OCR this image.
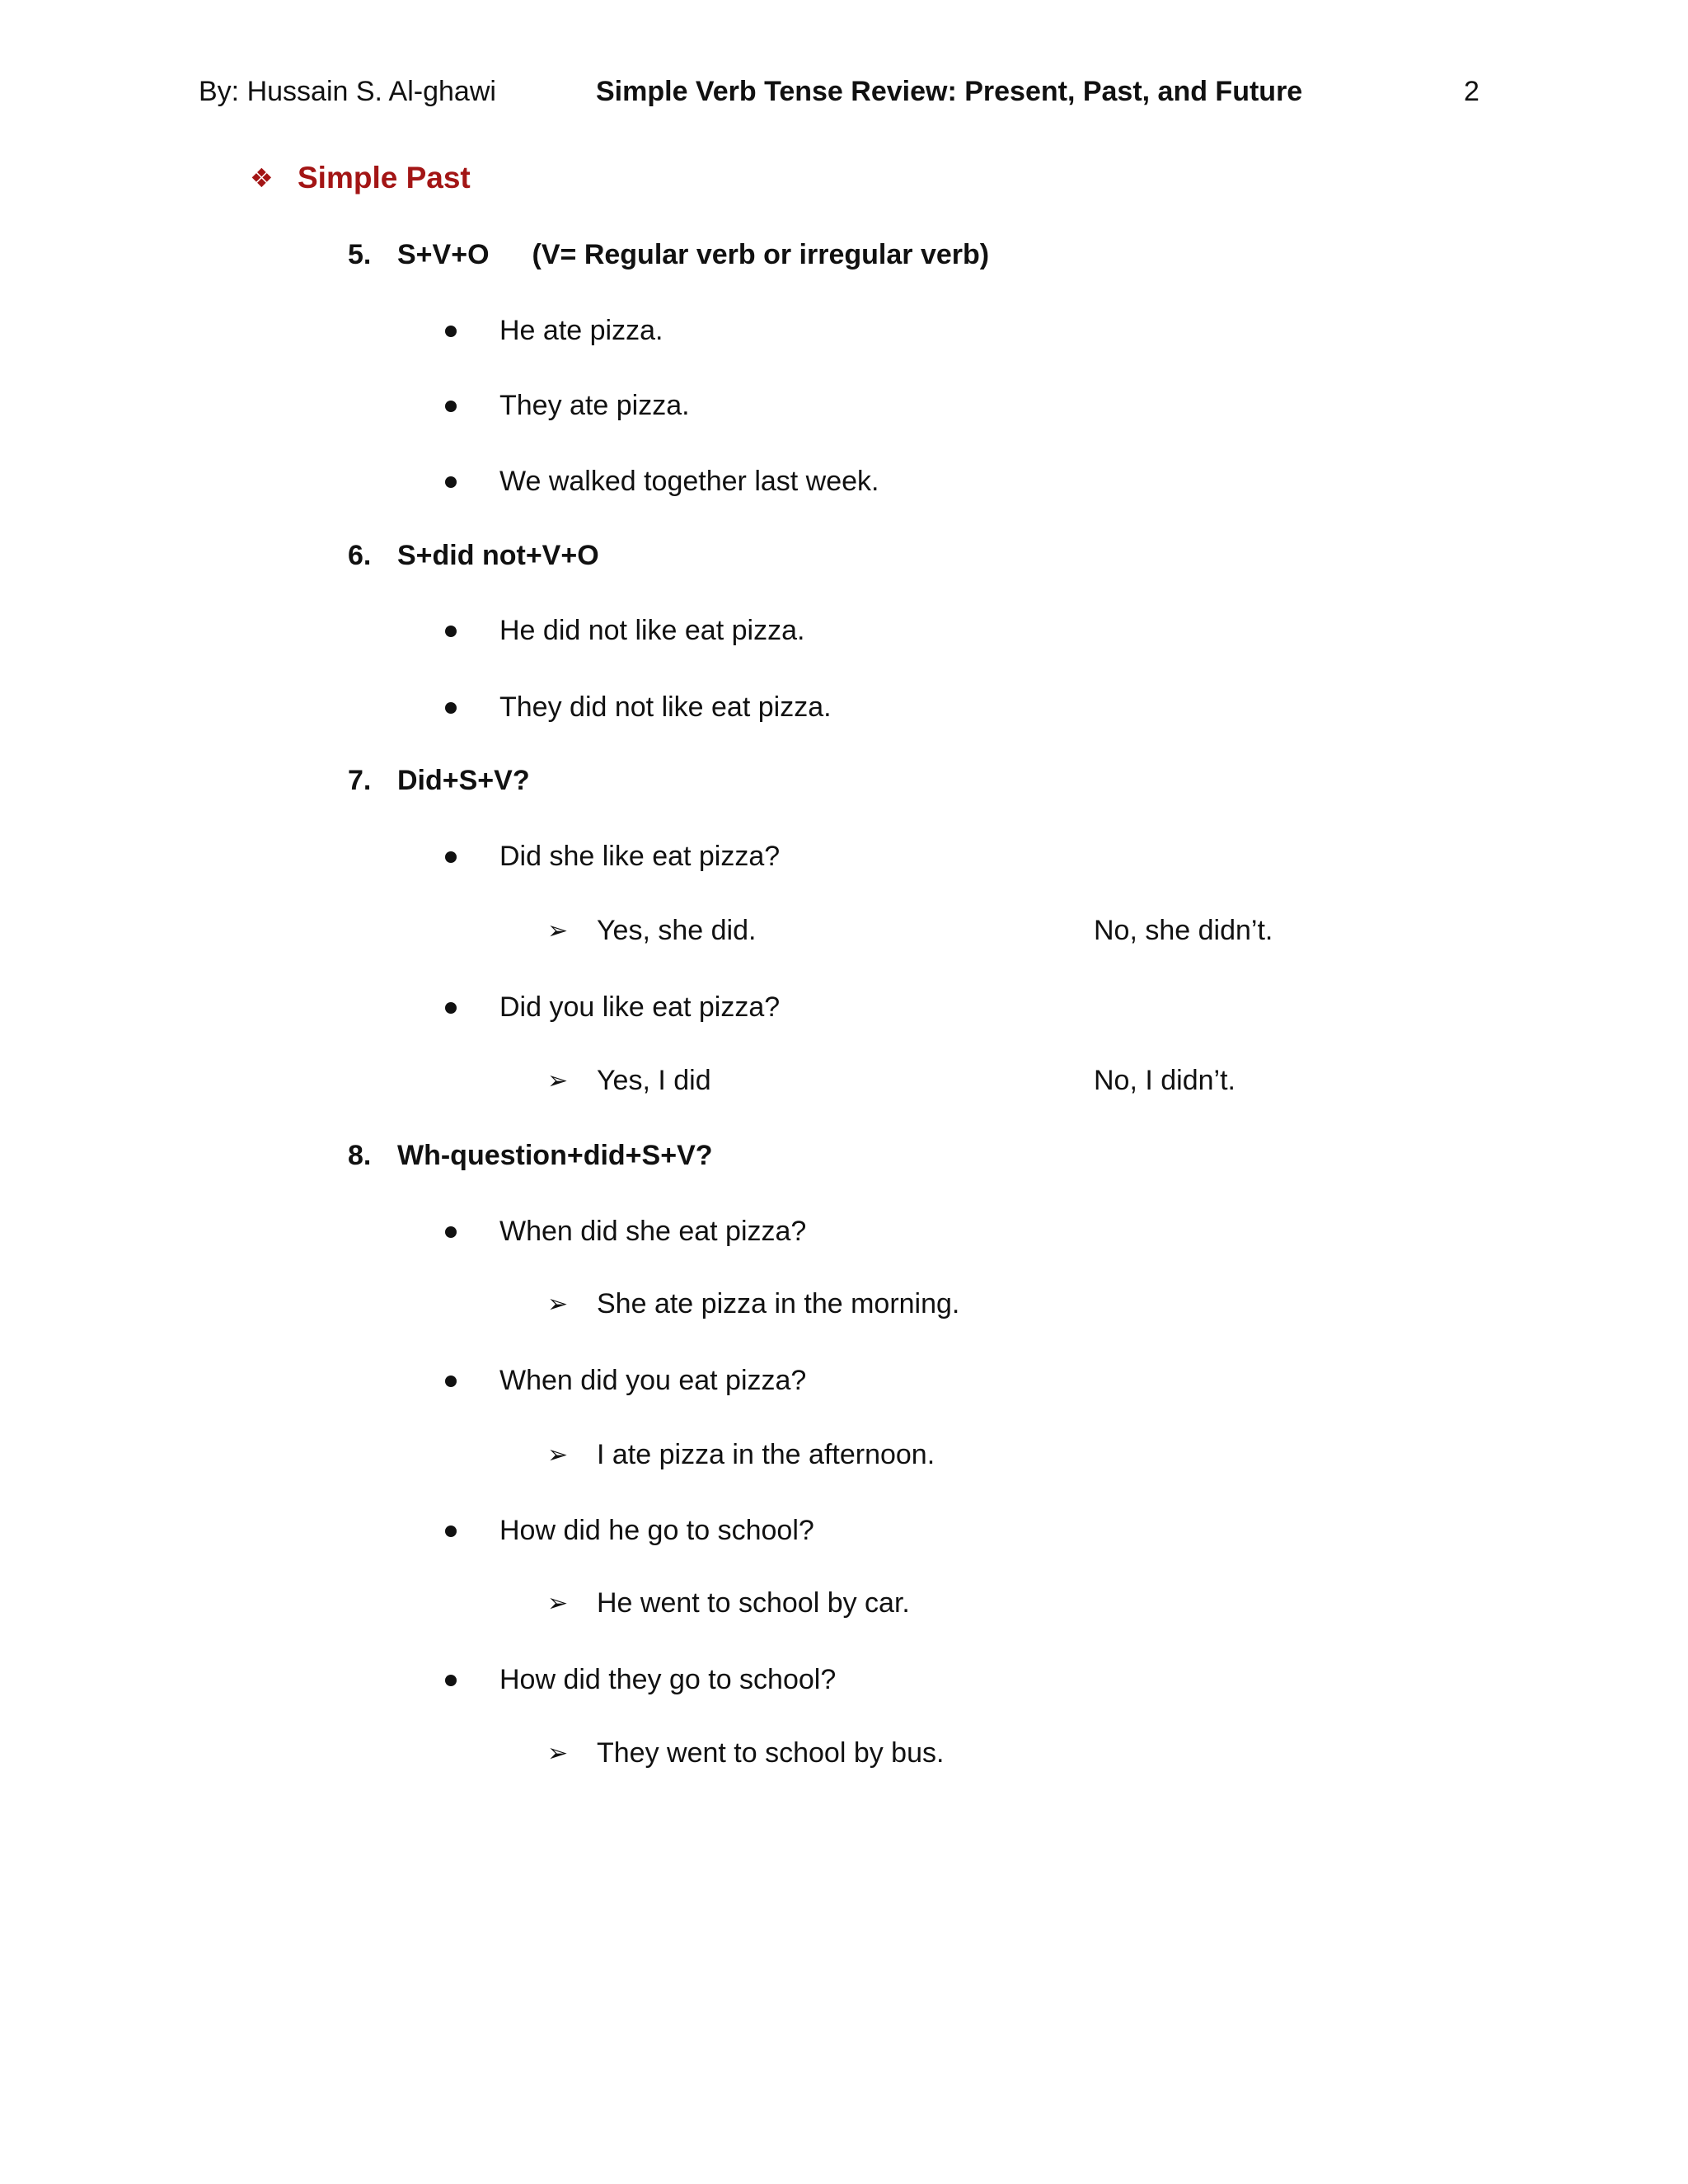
By: Hussain S. Al-ghawi	Simple Verb Tense Review: Present, Past, and Future	2
❖ Simple Past
5. S+V+O (V= Regular verb or irregular verb)
He ate pizza.
They ate pizza.
We walked together last week.
6. S+did not+V+O
He did not like eat pizza.
They did not like eat pizza.
7. Did+S+V?
Did she like eat pizza?
➢	Yes, she did.	No, she didn’t.
Did you like eat pizza?
➢	Yes, I did	No, I didn’t.
8. Wh-question+did+S+V?
When did she eat pizza?
➢	She ate pizza in the morning.
When did you eat pizza?
➢	I ate pizza in the afternoon.
How did he go to school?
➢	He went to school by car.
How did they go to school?
➢	They went to school by bus.
